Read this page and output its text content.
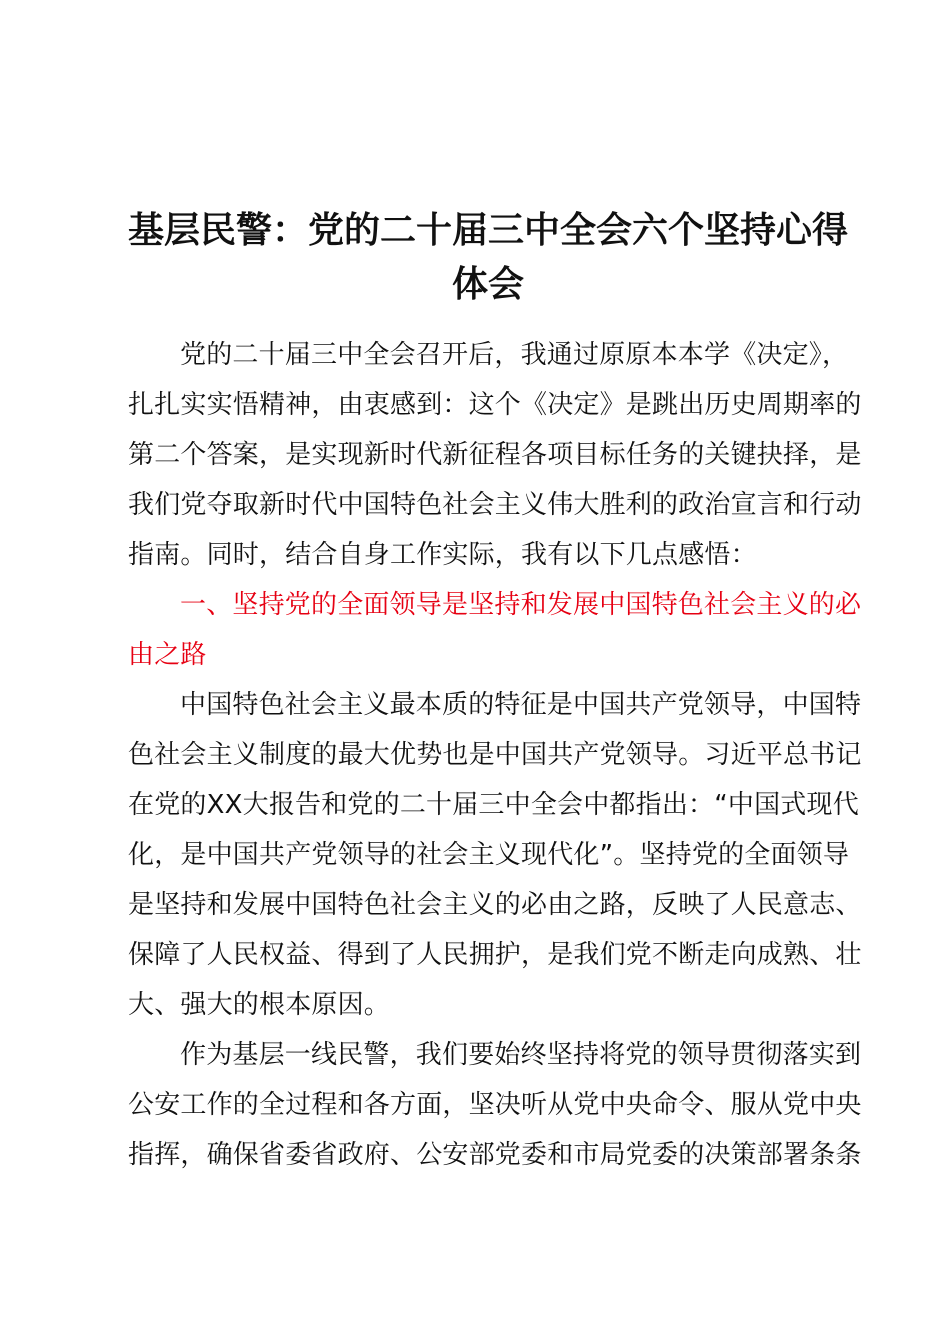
基层民警：党的二十届三中全会六个坚持心得体会
党的二十届三中全会召开后，我通过原原本本学《决定》，
扎扎实实悟精神，由衷感到：这个《决定》是跳出历史周期率的
第二个答案，是实现新时代新征程各项目标任务的关键抉择，是
我们党夺取新时代中国特色社会主义伟大胜利的政治宣言和行动
指南。同时，结合自身工作实际，我有以下几点感悟：
一、坚持党的全面领导是坚持和发展中国特色社会主义的必
由之路
中国特色社会主义最本质的特征是中国共产党领导，中国特
色社会主义制度的最大优势也是中国共产党领导。习近平总书记
在党的XX大报告和党的二十届三中全会中都指出：“中国式现代
化，是中国共产党领导的社会主义现代化”。坚持党的全面领导
是坚持和发展中国特色社会主义的必由之路，反映了人民意志、
保障了人民权益、得到了人民拥护，是我们党不断走向成熟、壮
大、强大的根本原因。
作为基层一线民警，我们要始终坚持将党的领导贯彻落实到
公安工作的全过程和各方面，坚决听从党中央命令、服从党中央
指挥，确保省委省政府、公安部党委和市局党委的决策部署条条
